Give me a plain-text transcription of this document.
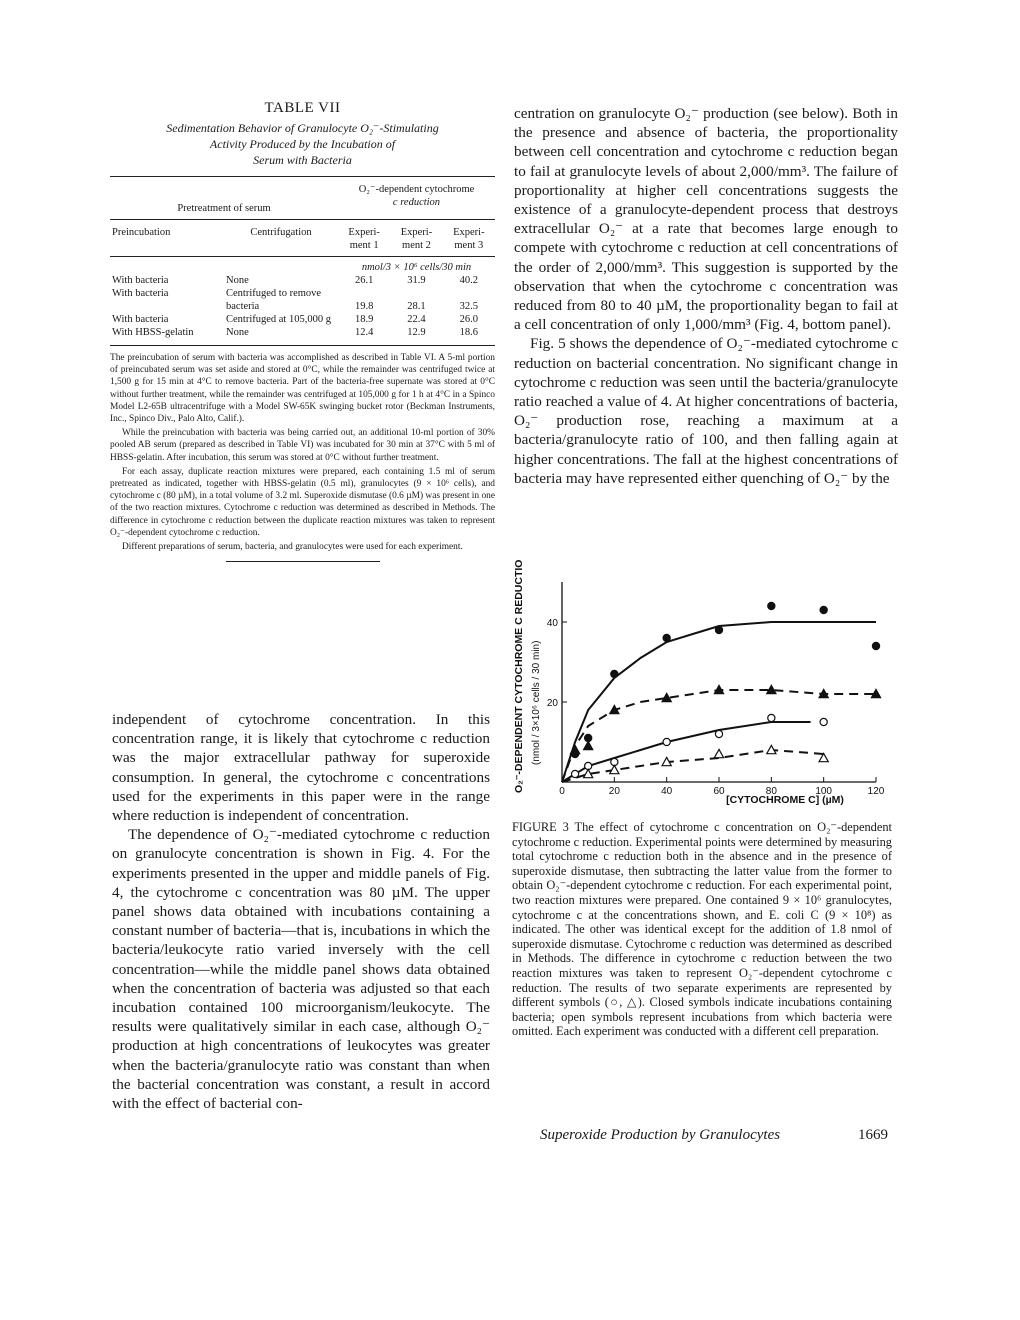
TABLE VII
Sedimentation Behavior of Granulocyte O₂⁻-Stimulating
Activity Produced by the Incubation of
Serum with Bacteria
Pretreatment of serum		O₂⁻-dependent cytochrome
c reduction		

Preincubation	Centrifugation	Experi- ment 1	Experi- ment 2	Experi- ment 3

		nmol/3 × 10⁶ cells/30 min		
With bacteria	None	26.1	31.9	40.2
With bacteria	Centrifuged to remove bacteria	19.8	28.1	32.5
With bacteria	Centrifuged at 105,000 g	18.9	22.4	26.0
With HBSS-gelatin	None	12.4	12.9	18.6

The preincubation of serum with bacteria was accomplished as described in Table VI. A 5-ml portion of preincubated serum was set aside and stored at 0°C, while the remainder was centrifuged twice at 1,500 g for 15 min at 4°C to remove bacteria. Part of the bacteria-free supernate was stored at 0°C without further treatment, while the remainder was centrifuged at 105,000 g for 1 h at 4°C in a Spinco Model L2-65B ultracentrifuge with a Model SW-65K swinging bucket rotor (Beckman Instruments, Inc., Spinco Div., Palo Alto, Calif.).

While the preincubation with bacteria was being carried out, an additional 10-ml portion of 30% pooled AB serum (prepared as described in Table VI) was incubated for 30 min at 37°C with 5 ml of HBSS-gelatin. After incubation, this serum was stored at 0°C without further treatment.

For each assay, duplicate reaction mixtures were prepared, each containing 1.5 ml of serum pretreated as indicated, together with HBSS-gelatin (0.5 ml), granulocytes (9 × 10⁶ cells), and cytochrome c (80 µM), in a total volume of 3.2 ml. Superoxide dismutase (0.6 µM) was present in one of the two reaction mixtures. Cytochrome c reduction was determined as described in Methods. The difference in cytochrome c reduction between the duplicate reaction mixtures was taken to represent O₂⁻-dependent cytochrome c reduction.

Different preparations of serum, bacteria, and granulocytes were used for each experiment.

independent of cytochrome concentration. In this concentration range, it is likely that cytochrome c reduction was the major extracellular pathway for superoxide consumption. In general, the cytochrome c concentrations used for the experiments in this paper were in the range where reduction is independent of concentration.

The dependence of O₂⁻-mediated cytochrome c reduction on granulocyte concentration is shown in Fig. 4. For the experiments presented in the upper and middle panels of Fig. 4, the cytochrome c concentration was 80 µM. The upper panel shows data obtained with incubations containing a constant number of bacteria—that is, incubations in which the bacteria/leukocyte ratio varied inversely with the cell concentration—while the middle panel shows data obtained when the concentration of bacteria was adjusted so that each incubation contained 100 microorganism/leukocyte. The results were qualitatively similar in each case, although O₂⁻ production at high concentrations of leukocytes was greater when the bacteria/granulocyte ratio was constant than when the bacterial concentration was constant, a result in accord with the effect of bacterial con-

centration on granulocyte O₂⁻ production (see below). Both in the presence and absence of bacteria, the proportionality between cell concentration and cytochrome c reduction began to fail at granulocyte levels of about 2,000/mm³. The failure of proportionality at higher cell concentrations suggests the existence of a granulocyte-dependent process that destroys extracellular O₂⁻ at a rate that becomes large enough to compete with cytochrome c reduction at cell concentrations of the order of 2,000/mm³. This suggestion is supported by the observation that when the cytochrome c concentration was reduced from 80 to 40 µM, the proportionality began to fail at a cell concentration of only 1,000/mm³ (Fig. 4, bottom panel).

Fig. 5 shows the dependence of O₂⁻-mediated cytochrome c reduction on bacterial concentration. No significant change in cytochrome c reduction was seen until the bacteria/granulocyte ratio reached a value of 4. At higher concentrations of bacteria, O₂⁻ production rose, reaching a maximum at a bacteria/granulocyte ratio of 100, and then falling again at higher concentrations. The fall at the highest concentrations of bacteria may have represented either quenching of O₂⁻ by the

0	20	40	60	80	100	120
20
40
O₂⁻-DEPENDENT CYTOCHROME C REDUCTION (nmol / 3×10⁶ cells / 30 min)
[CYTOCHROME C] (µM)
FIGURE 3 The effect of cytochrome c concentration on O₂⁻-dependent cytochrome c reduction. Experimental points were determined by measuring total cytochrome c reduction both in the absence and in the presence of superoxide dismutase, then subtracting the latter value from the former to obtain O₂⁻-dependent cytochrome c reduction. For each experimental point, two reaction mixtures were prepared. One contained 9 × 10⁶ granulocytes, cytochrome c at the concentrations shown, and E. coli C (9 × 10⁸) as indicated. The other was identical except for the addition of 1.8 nmol of superoxide dismutase. Cytochrome c reduction was determined as described in Methods. The difference in cytochrome c reduction between the two reaction mixtures was taken to represent O₂⁻-dependent cytochrome c reduction. The results of two separate experiments are represented by different symbols (○, △). Closed symbols indicate incubations containing bacteria; open symbols represent incubations from which bacteria were omitted. Each experiment was conducted with a different cell preparation.
Superoxide Production by Granulocytes	1669
